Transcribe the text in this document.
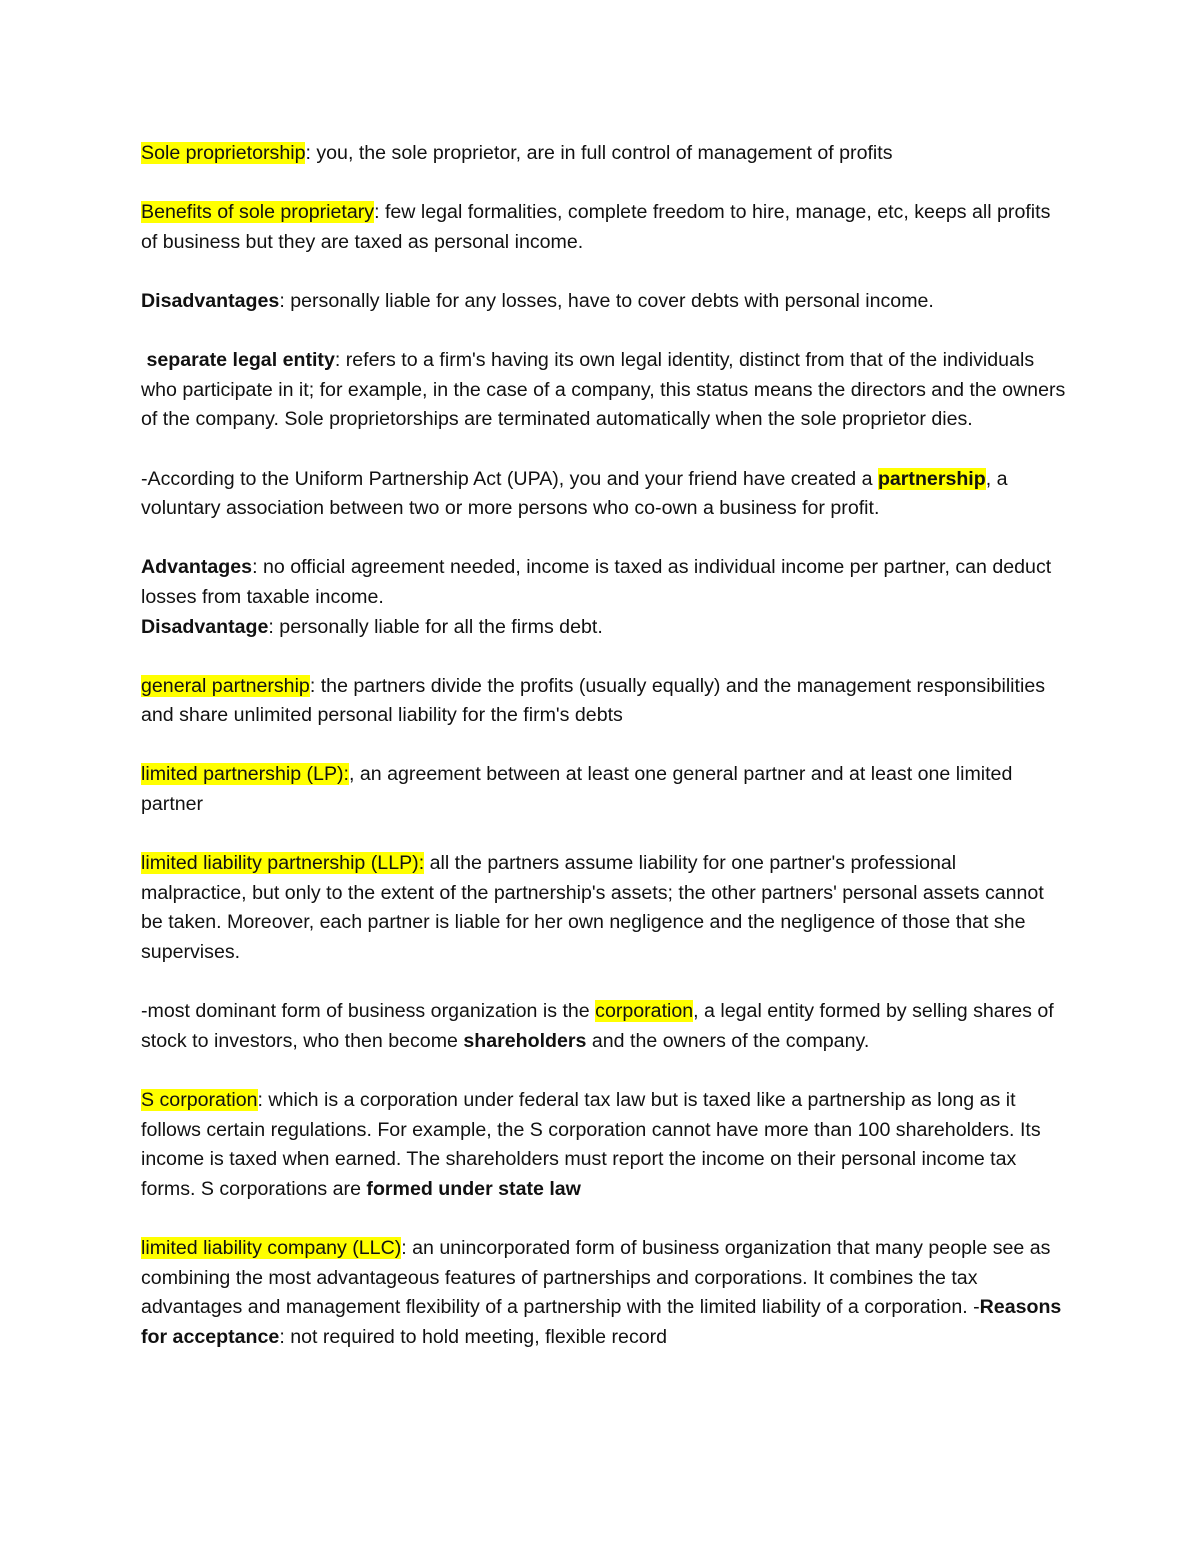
Sole proprietorship: you, the sole proprietor, are in full control of management of profits

Benefits of sole proprietary: few legal formalities, complete freedom to hire, manage, etc, keeps all profits of business but they are taxed as personal income.

Disadvantages: personally liable for any losses, have to cover debts with personal income.

separate legal entity: refers to a firm's having its own legal identity, distinct from that of the individuals who participate in it; for example, in the case of a company, this status means the directors and the owners of the company. Sole proprietorships are terminated automatically when the sole proprietor dies.

-According to the Uniform Partnership Act (UPA), you and your friend have created a partnership, a voluntary association between two or more persons who co-own a business for profit.

Advantages: no official agreement needed, income is taxed as individual income per partner, can deduct losses from taxable income.

Disadvantage: personally liable for all the firms debt.

general partnership: the partners divide the profits (usually equally) and the management responsibilities and share unlimited personal liability for the firm's debts

limited partnership (LP):, an agreement between at least one general partner and at least one limited partner

limited liability partnership (LLP): all the partners assume liability for one partner's professional malpractice, but only to the extent of the partnership's assets; the other partners' personal assets cannot be taken. Moreover, each partner is liable for her own negligence and the negligence of those that she supervises.

-most dominant form of business organization is the corporation, a legal entity formed by selling shares of stock to investors, who then become shareholders and the owners of the company.

S corporation: which is a corporation under federal tax law but is taxed like a partnership as long as it follows certain regulations. For example, the S corporation cannot have more than 100 shareholders. Its income is taxed when earned. The shareholders must report the income on their personal income tax forms. S corporations are formed under state law

limited liability company (LLC): an unincorporated form of business organization that many people see as combining the most advantageous features of partnerships and corporations. It combines the tax advantages and management flexibility of a partnership with the limited liability of a corporation. -Reasons for acceptance: not required to hold meeting, flexible record
